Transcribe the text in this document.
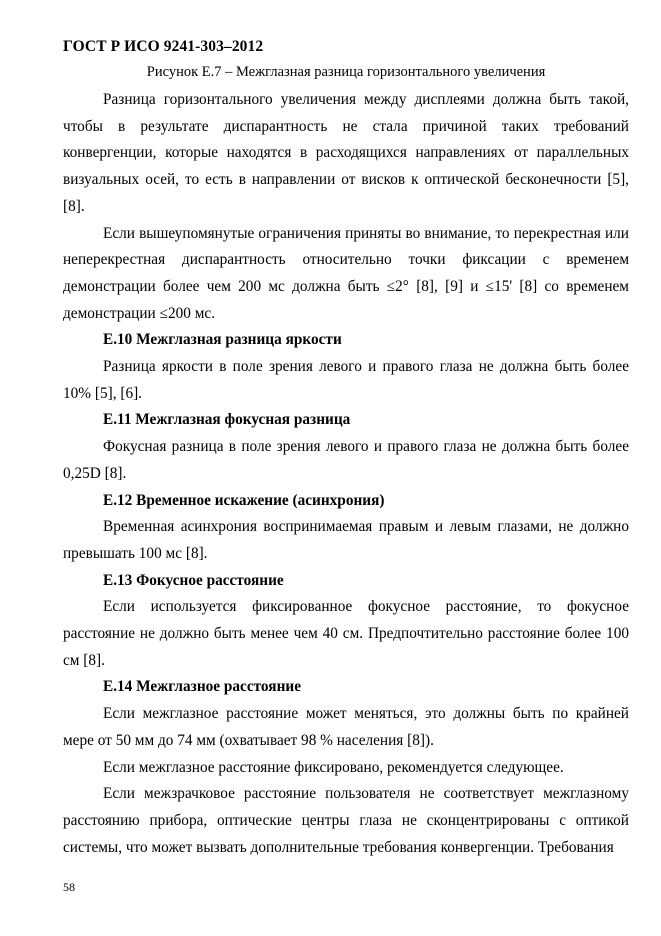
ГОСТ Р ИСО 9241-303–2012
Рисунок Е.7 – Межглазная разница горизонтального увеличения

Разница горизонтального увеличения между дисплеями должна быть такой, чтобы в результате диспарантность не стала причиной таких требований конвергенции, которые находятся в расходящихся направлениях от параллельных визуальных осей, то есть в направлении от висков к оптической бесконечности [5], [8].

Если вышеупомянутые ограничения приняты во внимание, то перекрестная или неперекрестная диспарантность относительно точки фиксации с временем демонстрации более чем 200 мс должна быть ≤2° [8], [9] и ≤15' [8] со временем демонстрации ≤200 мс.

Е.10 Межглазная разница яркости

Разница яркости в поле зрения левого и правого глаза не должна быть более 10% [5], [6].

Е.11 Межглазная фокусная разница

Фокусная разница в поле зрения левого и правого глаза не должна быть более 0,25D [8].

Е.12 Временное искажение (асинхрония)

Временная асинхрония воспринимаемая правым и левым глазами, не должно превышать 100 мс [8].

Е.13 Фокусное расстояние

Если используется фиксированное фокусное расстояние, то фокусное расстояние не должно быть менее чем 40 см. Предпочтительно расстояние более 100 см [8].

Е.14 Межглазное расстояние

Если межглазное расстояние может меняться, это должны быть по крайней мере от 50 мм до 74 мм (охватывает 98 % населения [8]).

Если межглазное расстояние фиксировано, рекомендуется следующее.

Если межзрачковое расстояние пользователя не соответствует межглазному расстоянию прибора, оптические центры глаза не сконцентрированы с оптикой системы, что может вызвать дополнительные требования конвергенции. Требования

58
